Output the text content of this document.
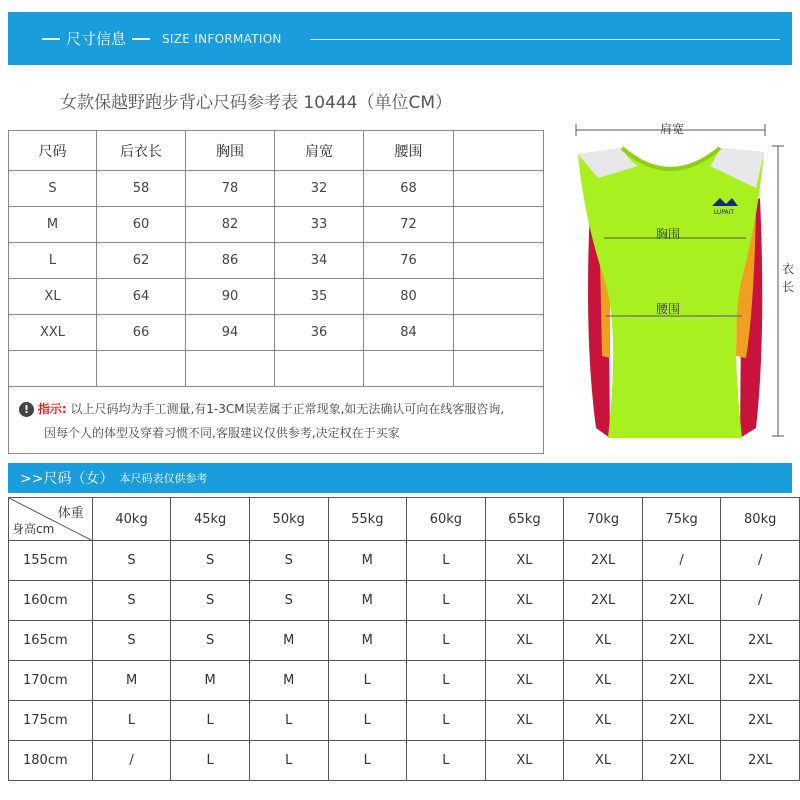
尺寸信息	SIZE INFORMATION
女款保越野跑步背心尺码参考表 10444（单位CM）
尺码	后衣长	胸围	肩宽	腰围	
S	58	78	32	68	
M	60	82	33	72	
L	62	86	34	76	
XL	64	90	35	80	
XXL	66	94	36	84	

! 指示: 以上尺码均为手工测量,有1-3CM误差属于正常现象,如无法确认可向在线客服咨询,
因每个人的体型及穿着习惯不同,客服建议仅供参考,决定权在于买家
LUPAIT
肩宽
胸围
腰围
衣
长
>>尺码（女） 本尺码表仅供参考
体重
身高cm	40kg	45kg	50kg	55kg	60kg	65kg	70kg	75kg	80kg
155cm	S	S	S	M	L	XL	2XL	/	/
160cm	S	S	S	M	L	XL	2XL	2XL	/
165cm	S	S	M	M	L	XL	XL	2XL	2XL
170cm	M	M	M	L	L	XL	XL	2XL	2XL
175cm	L	L	L	L	L	XL	XL	2XL	2XL
180cm	/	L	L	L	L	XL	XL	2XL	2XL
